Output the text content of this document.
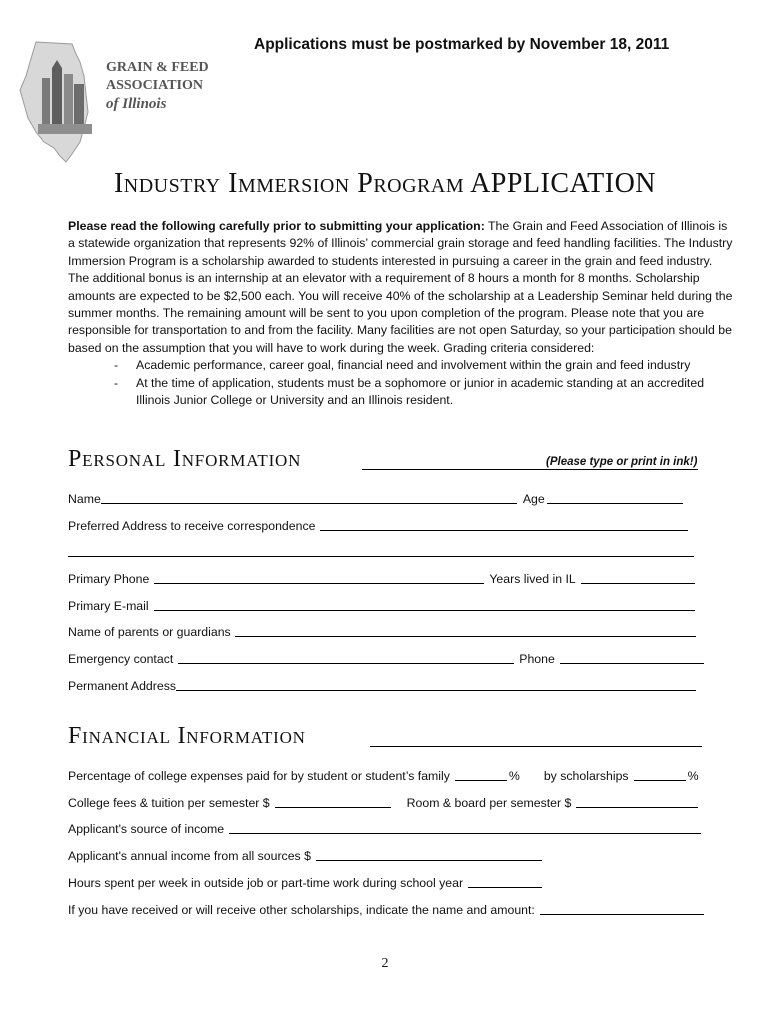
GRAIN & FEED
ASSOCIATION
of Illinois
Applications must be postmarked by November 18, 2011
Industry Immersion Program APPLICATION
Please read the following carefully prior to submitting your application: The Grain and Feed Association of Illinois is a statewide organization that represents 92% of Illinois’ commercial grain storage and feed handling facilities. The Industry Immersion Program is a scholarship awarded to students interested in pursuing a career in the grain and feed industry. The additional bonus is an internship at an elevator with a requirement of 8 hours a month for 8 months. Scholarship amounts are expected to be $2,500 each. You will receive 40% of the scholarship at a Leadership Seminar held during the summer months. The remaining amount will be sent to you upon completion of the program. Please note that you are responsible for transportation to and from the facility. Many facilities are not open Saturday, so your participation should be based on the assumption that you will have to work during the week. Grading criteria considered:
- Academic performance, career goal, financial need and involvement within the grain and feed industry
- At the time of application, students must be a sophomore or junior in academic standing at an accredited Illinois Junior College or University and an Illinois resident.
Personal Information	(Please type or print in ink!)
Name	Age
Preferred Address to receive correspondence
Primary Phone	Years lived in IL
Primary E-mail
Name of parents or guardians
Emergency contact	Phone
Permanent Address
Financial Information
Percentage of college expenses paid for by student or student’s family	% by scholarships	%
College fees & tuition per semester $	Room & board per semester $
Applicant's source of income
Applicant's annual income from all sources $
Hours spent per week in outside job or part-time work during school year
If you have received or will receive other scholarships, indicate the name and amount:
2
